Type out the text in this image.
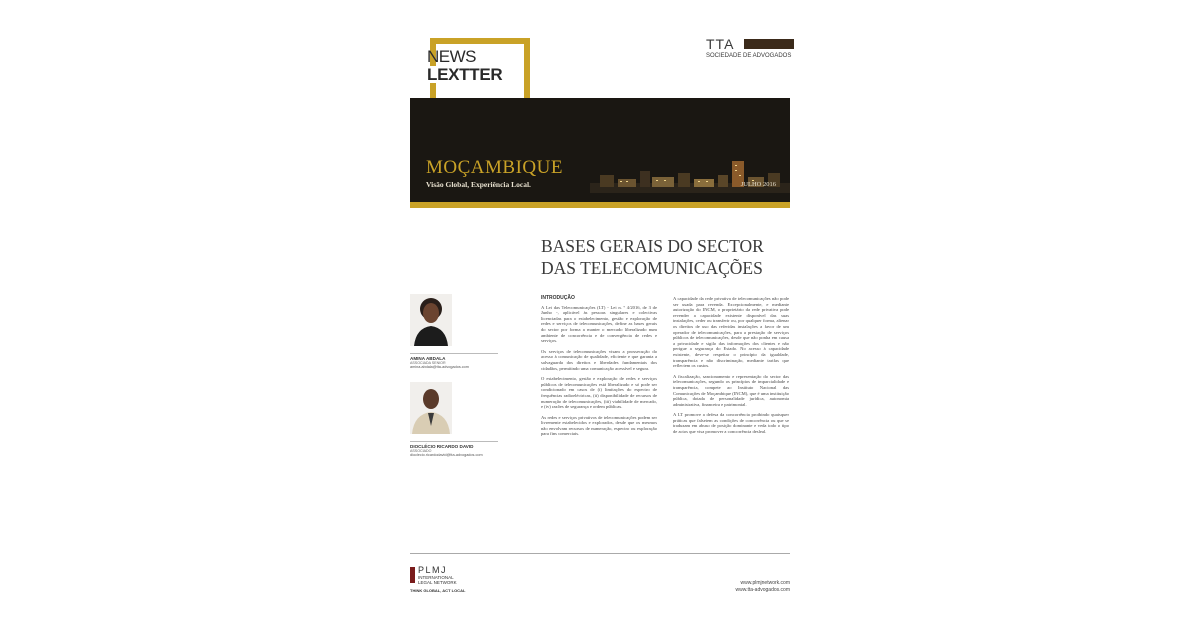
NEWS
LEXTTER
TTA
SOCIEDADE DE ADVOGADOS
MOÇAMBIQUE
Visão Global, Experiência Local.	JULHO 2016
BASES GERAIS DO SECTOR
DAS TELECOMUNICAÇÕES
AMINA ABDALA
ASSOCIADA SENIOR
amina.abdala@tta-advogados.com
DIOCLÉCIO RICARDO DAVID
ASSOCIADO
dioclecio.ricardodavid@tta-advogados.com
INTRODUÇÃO

A Lei das Telecomunicações (LT) - Lei n. º 4/2016, de 3 de Junho -, aplicável às pessoas singulares e colectivas licenciadas para o estabelecimento, gestão e exploração de redes e serviços de telecomunicações, define as bases gerais do sector por forma a manter o mercado liberalizado num ambiente de concorrência e de convergência de redes e serviços.

Os serviços de telecomunicações visam a prossecução do acesso à comunicação de qualidade, eficiente e que garanta a salvaguarda dos direitos e liberdades fundamentais dos cidadãos, permitindo uma comunicação acessível e segura.

O estabelecimento, gestão e exploração de redes e serviços públicos de telecomunicações está liberalizado e só pode ser condicionado em casos de (i) limitações do espectro de frequências radioeléctricas, (ii) disponibilidade de recursos de numeração de telecomunicações, (iii) viabilidade de mercado, e (iv) razões de segurança e ordem públicas.

As redes e serviços privativos de telecomunicações podem ser livremente estabelecidos e explorados, desde que os mesmos não envolvam recursos de numeração, espectro ou exploração para fins comerciais.

A capacidade da rede privativa de telecomunicações não pode ser usada para revenda. Excepcionalmente, e mediante autorização do INCM, o proprietário da rede privativa pode revender a capacidade existente disponível das suas instalações, ceder ou transferir ou, por qualquer forma, alienar os direitos de uso das referidas instalações a favor de um operador de telecomunicações, para a prestação de serviços públicos de telecomunicações, desde que não ponha em causa a privacidade e sigilo das informações dos clientes e não perigue a segurança do Estado. No acesso à capacidade existente, deve-se respeitar o princípio da igualdade, transparência e não discriminação, mediante tarifas que reflectem os custos.

A fiscalização, sancionamento e representação do sector das telecomunicações, segundo os princípios de imparcialidade e transparência, compete ao Instituto Nacional das Comunicações de Moçambique (INCM), que é uma instituição pública, dotada de personalidade jurídica, autonomia administrativa, financeira e patrimonial.

A LT promove a defesa da concorrência proibindo quaisquer práticas que falseiem as condições de concorrência ou que se traduzam em abuso de posição dominante e veda todo o tipo de actos que visa promover a concorrência desleal.

PLMJ
INTERNATIONAL
LEGAL NETWORK
THINK GLOBAL, ACT LOCAL
www.plmjnetwork.com
www.tta-advogados.com
